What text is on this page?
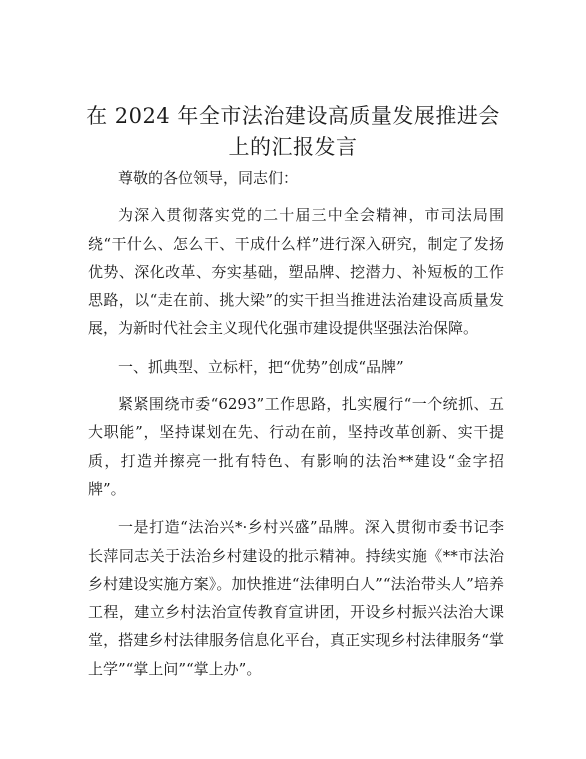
在 2024 年全市法治建设高质量发展推进会上的汇报发言

尊敬的各位领导，同志们：

为深入贯彻落实党的二十届三中全会精神，市司法局围绕“干什么、怎么干、干成什么样”进行深入研究，制定了发扬优势、深化改革、夯实基础，塑品牌、挖潜力、补短板的工作思路，以“走在前、挑大梁”的实干担当推进法治建设高质量发展，为新时代社会主义现代化强市建设提供坚强法治保障。

一、抓典型、立标杆，把“优势”创成“品牌”

紧紧围绕市委“6293”工作思路，扎实履行“一个统抓、五大职能”，坚持谋划在先、行动在前，坚持改革创新、实干提质，打造并擦亮一批有特色、有影响的法治**建设“金字招牌”。

一是打造“法治兴*·乡村兴盛”品牌。深入贯彻市委书记李长萍同志关于法治乡村建设的批示精神。持续实施《**市法治乡村建设实施方案》。加快推进“法律明白人”“法治带头人”培养工程，建立乡村法治宣传教育宣讲团，开设乡村振兴法治大课堂，搭建乡村法律服务信息化平台，真正实现乡村法律服务“掌上学”“掌上问”“掌上办”。
